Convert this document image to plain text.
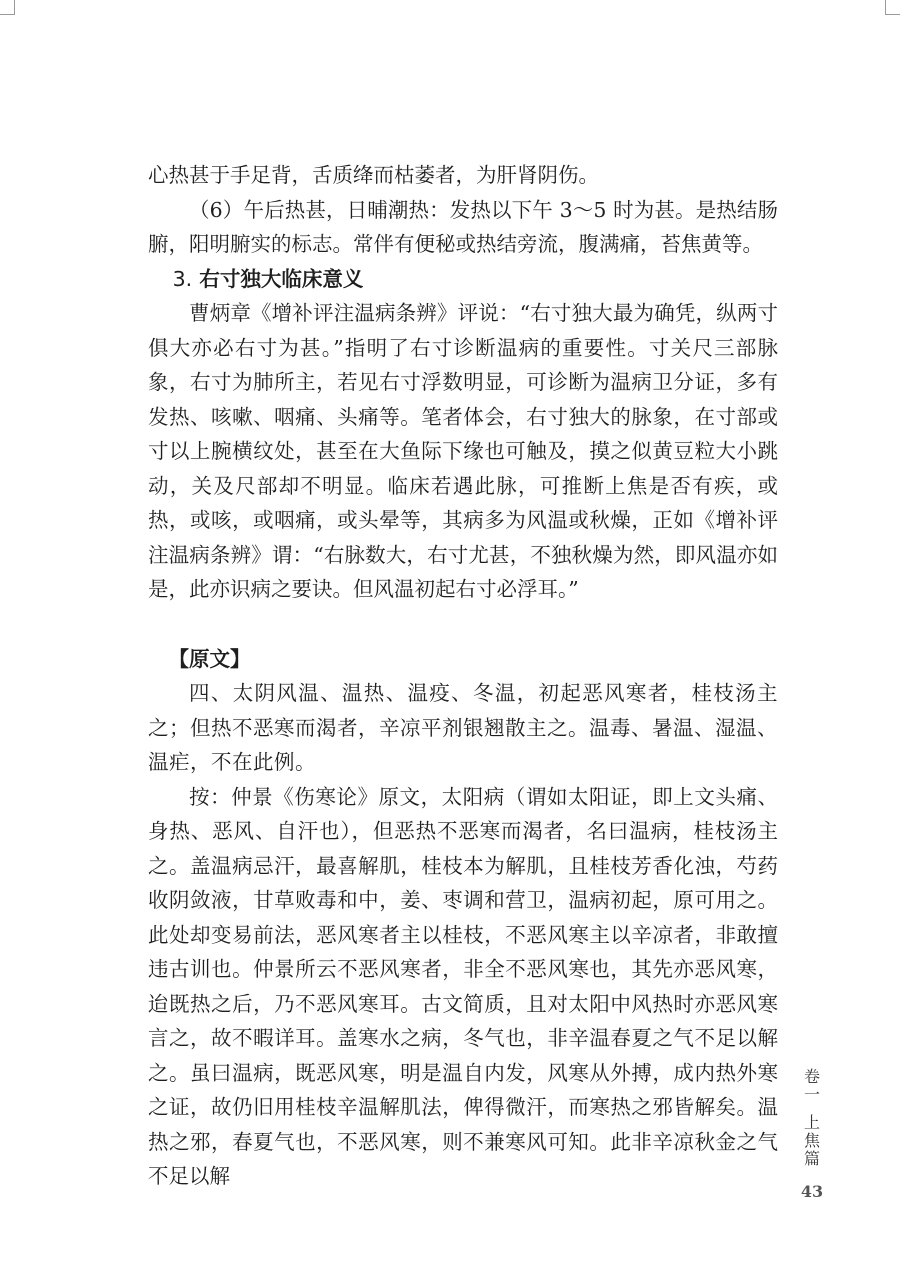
心热甚于手足背，舌质绛而枯萎者，为肝肾阴伤。

（6）午后热甚，日晡潮热：发热以下午 3～5 时为甚。是热结肠腑，阳明腑实的标志。常伴有便秘或热结旁流，腹满痛，苔焦黄等。

3. 右寸独大临床意义

曹炳章《增补评注温病条辨》评说：“右寸独大最为确凭，纵两寸俱大亦必右寸为甚。”指明了右寸诊断温病的重要性。寸关尺三部脉象，右寸为肺所主，若见右寸浮数明显，可诊断为温病卫分证，多有发热、咳嗽、咽痛、头痛等。笔者体会，右寸独大的脉象，在寸部或寸以上腕横纹处，甚至在大鱼际下缘也可触及，摸之似黄豆粒大小跳动，关及尺部却不明显。临床若遇此脉，可推断上焦是否有疾，或热，或咳，或咽痛，或头晕等，其病多为风温或秋燥，正如《增补评注温病条辨》谓：“右脉数大，右寸尤甚，不独秋燥为然，即风温亦如是，此亦识病之要诀。但风温初起右寸必浮耳。”

【原文】

四、太阴风温、温热、温疫、冬温，初起恶风寒者，桂枝汤主之；但热不恶寒而渴者，辛凉平剂银翘散主之。温毒、暑温、湿温、温疟，不在此例。

按：仲景《伤寒论》原文，太阳病（谓如太阳证，即上文头痛、身热、恶风、自汗也），但恶热不恶寒而渴者，名曰温病，桂枝汤主之。盖温病忌汗，最喜解肌，桂枝本为解肌，且桂枝芳香化浊，芍药收阴敛液，甘草败毒和中，姜、枣调和营卫，温病初起，原可用之。此处却变易前法，恶风寒者主以桂枝，不恶风寒主以辛凉者，非敢擅违古训也。仲景所云不恶风寒者，非全不恶风寒也，其先亦恶风寒，迨既热之后，乃不恶风寒耳。古文简质，且对太阳中风热时亦恶风寒言之，故不暇详耳。盖寒水之病，冬气也，非辛温春夏之气不足以解之。虽曰温病，既恶风寒，明是温自内发，风寒从外搏，成内热外寒之证，故仍旧用桂枝辛温解肌法，俾得微汗，而寒热之邪皆解矣。温热之邪，春夏气也，不恶风寒，则不兼寒风可知。此非辛凉秋金之气不足以解

卷
一
上
焦
篇
43
